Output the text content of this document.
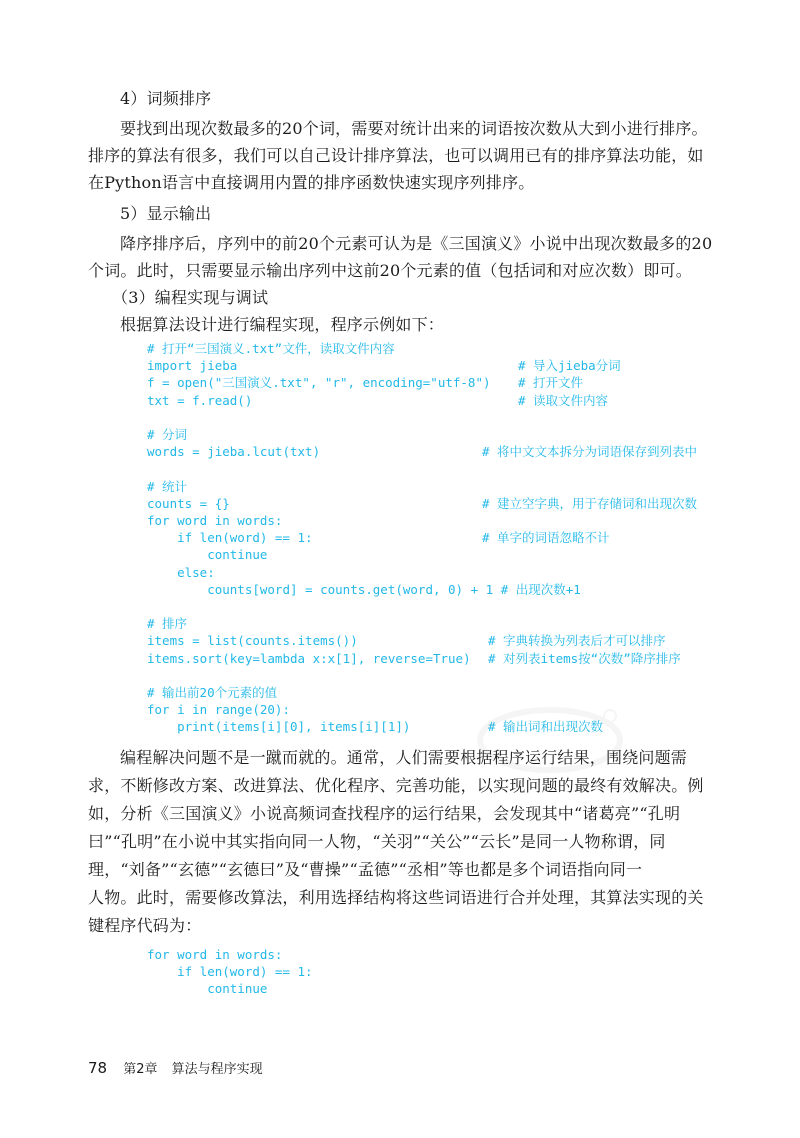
4）词频排序
要找到出现次数最多的20个词，需要对统计出来的词语按次数从大到小进行排序。
排序的算法有很多，我们可以自己设计排序算法，也可以调用已有的排序算法功能，如
在Python语言中直接调用内置的排序函数快速实现序列排序。
5）显示输出
降序排序后，序列中的前20个元素可认为是《三国演义》小说中出现次数最多的20
个词。此时，只需要显示输出序列中这前20个元素的值（包括词和对应次数）即可。
（3）编程实现与调试
根据算法设计进行编程实现，程序示例如下：
# 打开“三国演义.txt”文件，读取文件内容
import jieba	# 导入jieba分词
f = open("三国演义.txt", "r", encoding="utf-8") # 打开文件
txt = f.read()	# 读取文件内容
# 分词
words = jieba.lcut(txt)	# 将中文文本拆分为词语保存到列表中
# 统计
counts = {}	# 建立空字典，用于存储词和出现次数
for word in words:
if len(word) == 1:	# 单字的词语忽略不计
continue
else:
counts[word] = counts.get(word, 0) + 1 # 出现次数+1
# 排序
items = list(counts.items())	# 字典转换为列表后才可以排序
items.sort(key=lambda x:x[1], reverse=True) # 对列表items按“次数”降序排序
# 输出前20个元素的值
for i in range(20):
print(items[i][0], items[i][1])	# 输出词和出现次数
编程解决问题不是一蹴而就的。通常，人们需要根据程序运行结果，围绕问题需
求，不断修改方案、改进算法、优化程序、完善功能，以实现问题的最终有效解决。例
如，分析《三国演义》小说高频词查找程序的运行结果，会发现其中“诸葛亮”“孔明
曰”“孔明”在小说中其实指向同一人物，“关羽”“关公”“云长”是同一人物称谓，同
理，“刘备”“玄德”“玄德曰”及“曹操”“孟德”“丞相”等也都是多个词语指向同一
人物。此时，需要修改算法，利用选择结构将这些词语进行合并处理，其算法实现的关
键程序代码为：
for word in words:
if len(word) == 1:
continue
78 第2章 算法与程序实现
